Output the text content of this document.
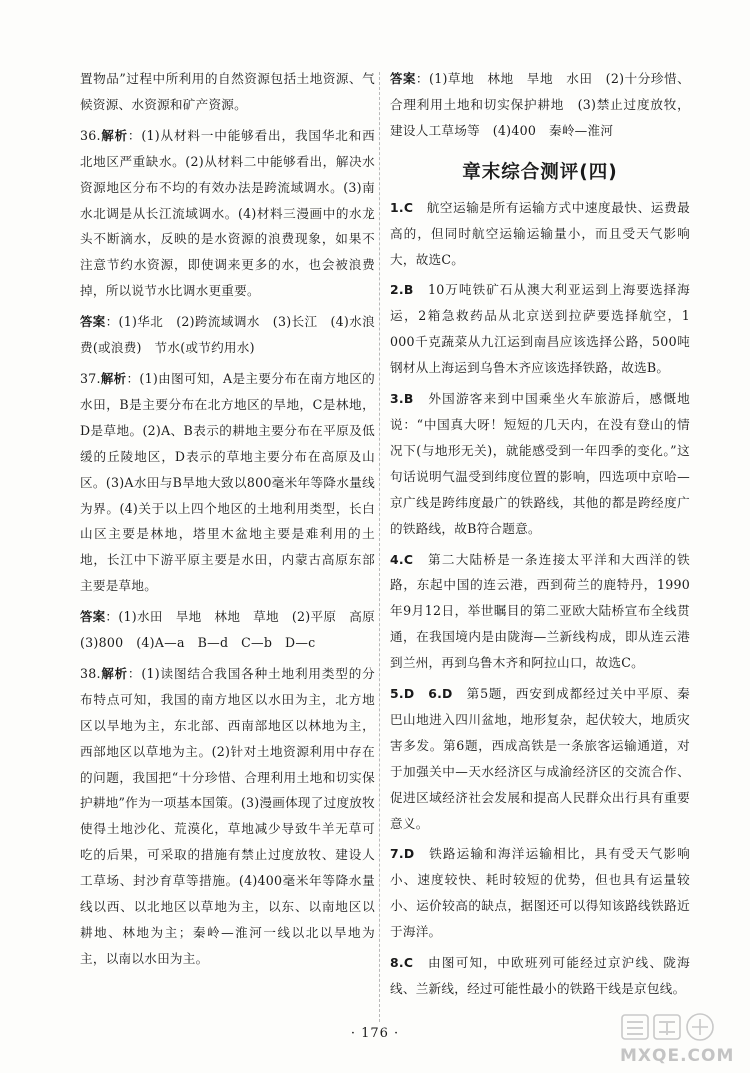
置物品”过程中所利用的自然资源包括土地资源、气候资源、水资源和矿产资源。

36.解析：(1)从材料一中能够看出，我国华北和西北地区严重缺水。(2)从材料二中能够看出，解决水资源地区分布不均的有效办法是跨流域调水。(3)南水北调是从长江流域调水。(4)材料三漫画中的水龙头不断滴水，反映的是水资源的浪费现象，如果不注意节约水资源，即使调来更多的水，也会被浪费掉，所以说节水比调水更重要。

答案：(1)华北　(2)跨流域调水　(3)长江　(4)水浪费(或浪费)　节水(或节约用水)

37.解析：(1)由图可知，A是主要分布在南方地区的水田，B是主要分布在北方地区的旱地，C是林地，D是草地。(2)A、B表示的耕地主要分布在平原及低缓的丘陵地区，D表示的草地主要分布在高原及山区。(3)A水田与B旱地大致以800毫米年等降水量线为界。(4)关于以上四个地区的土地利用类型，长白山区主要是林地，塔里木盆地主要是难利用的土地，长江中下游平原主要是水田，内蒙古高原东部主要是草地。

答案：(1)水田　旱地　林地　草地　(2)平原　高原　(3)800　(4)A—a　B—d　C—b　D—c

38.解析：(1)读图结合我国各种土地利用类型的分布特点可知，我国的南方地区以水田为主，北方地区以旱地为主，东北部、西南部地区以林地为主，西部地区以草地为主。(2)针对土地资源利用中存在的问题，我国把“十分珍惜、合理利用土地和切实保护耕地”作为一项基本国策。(3)漫画体现了过度放牧使得土地沙化、荒漠化，草地减少导致牛羊无草可吃的后果，可采取的措施有禁止过度放牧、建设人工草场、封沙育草等措施。(4)400毫米年等降水量线以西、以北地区以草地为主，以东、以南地区以耕地、林地为主；秦岭—淮河一线以北以旱地为主，以南以水田为主。

答案：(1)草地　林地　旱地　水田　(2)十分珍惜、合理利用土地和切实保护耕地　(3)禁止过度放牧，建设人工草场等　(4)400　秦岭—淮河

章末综合测评(四)

1.C　航空运输是所有运输方式中速度最快、运费最高的，但同时航空运输运输量小，而且受天气影响大，故选C。

2.B　10万吨铁矿石从澳大利亚运到上海要选择海运，2箱急救药品从北京送到拉萨要选择航空，1 000千克蔬菜从九江运到南昌应该选择公路，500吨钢材从上海运到乌鲁木齐应该选择铁路，故选B。

3.B　外国游客来到中国乘坐火车旅游后，感慨地说：“中国真大呀！短短的几天内，在没有登山的情况下(与地形无关)，就能感受到一年四季的变化。”这句话说明气温受到纬度位置的影响，四选项中京哈—京广线是跨纬度最广的铁路线，其他的都是跨经度广的铁路线，故B符合题意。

4.C　第二大陆桥是一条连接太平洋和大西洋的铁路，东起中国的连云港，西到荷兰的鹿特丹，1990年9月12日，举世瞩目的第二亚欧大陆桥宣布全线贯通，在我国境内是由陇海—兰新线构成，即从连云港到兰州，再到乌鲁木齐和阿拉山口，故选C。

5.D　6.D　第5题，西安到成都经过关中平原、秦巴山地进入四川盆地，地形复杂，起伏较大，地质灾害多发。第6题，西成高铁是一条旅客运输通道，对于加强关中—天水经济区与成渝经济区的交流合作、促进区域经济社会发展和提高人民群众出行具有重要意义。

7.D　铁路运输和海洋运输相比，具有受天气影响小、速度较快、耗时较短的优势，但也具有运量较小、运价较高的缺点，据图还可以得知该路线铁路近于海洋。

8.C　由图可知，中欧班列可能经过京沪线、陇海线、兰新线，经过可能性最小的铁路干线是京包线。

· 176 ·
MXQE.COM
